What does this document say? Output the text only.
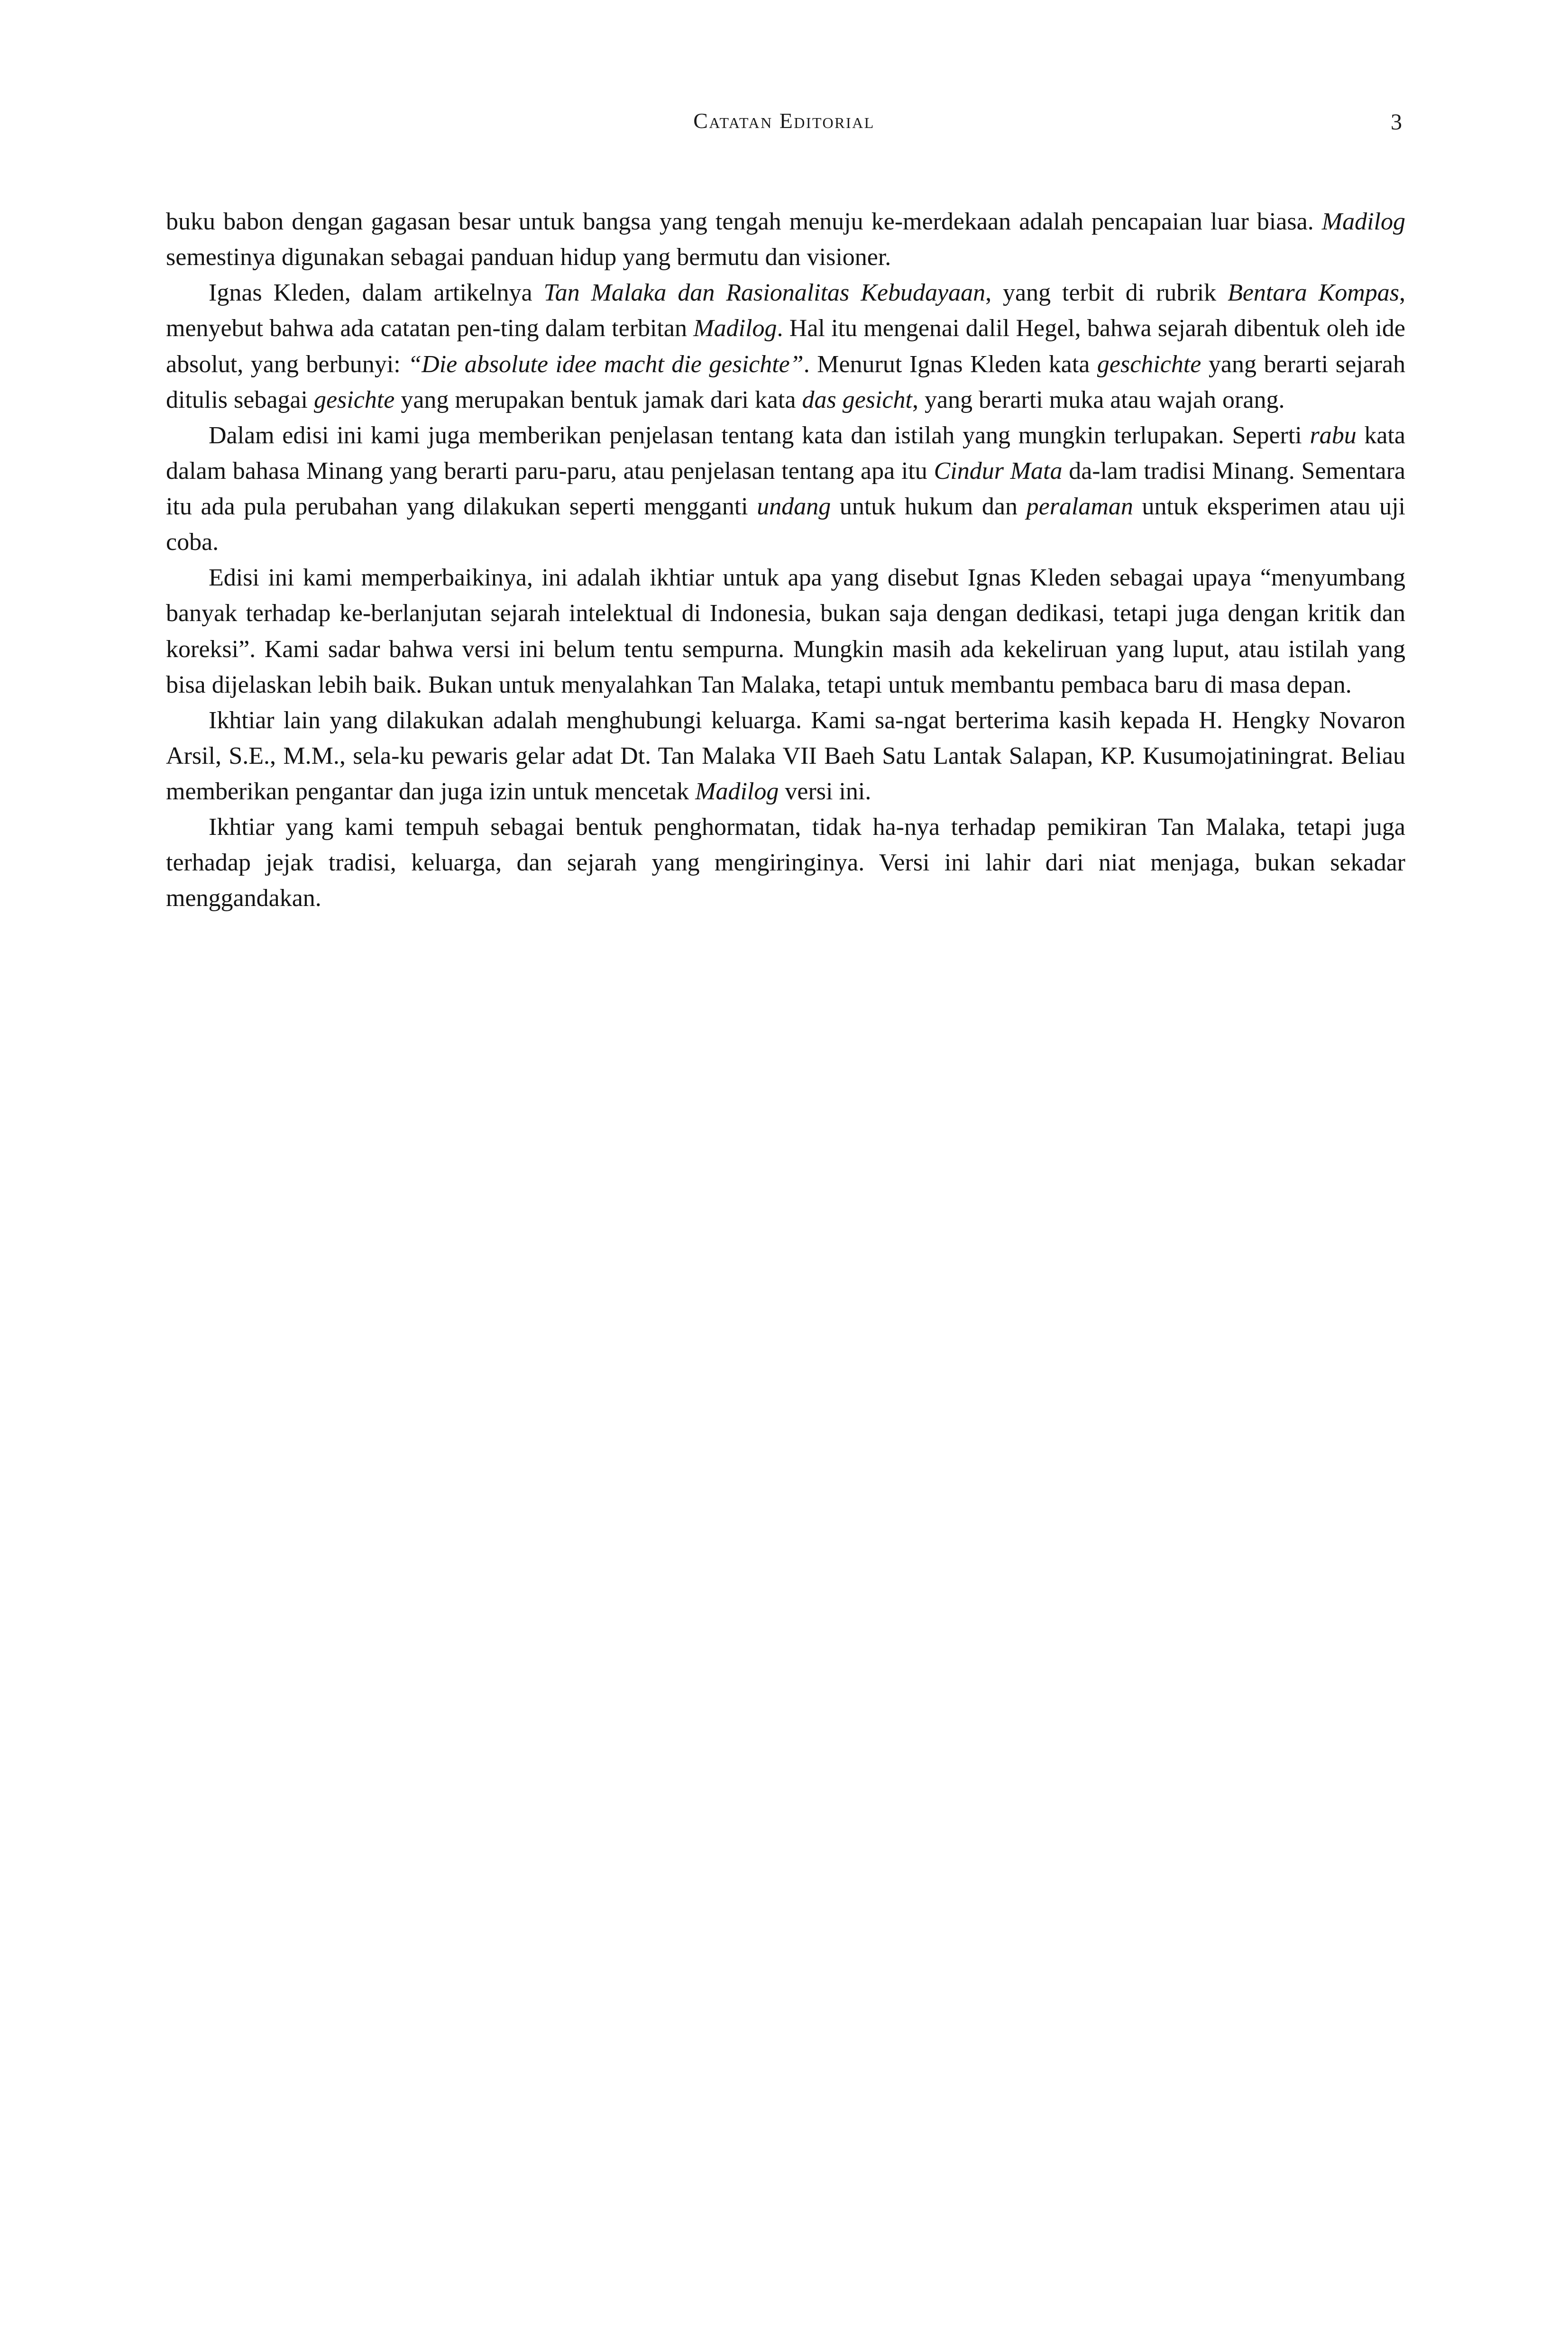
Catatan Editorial	3

buku babon dengan gagasan besar untuk bangsa yang tengah menuju ke-merdekaan adalah pencapaian luar biasa. Madilog semestinya digunakan sebagai panduan hidup yang bermutu dan visioner.

Ignas Kleden, dalam artikelnya Tan Malaka dan Rasionalitas Kebudayaan, yang terbit di rubrik Bentara Kompas, menyebut bahwa ada catatan pen-ting dalam terbitan Madilog. Hal itu mengenai dalil Hegel, bahwa sejarah dibentuk oleh ide absolut, yang berbunyi: “Die absolute idee macht die gesichte”. Menurut Ignas Kleden kata geschichte yang berarti sejarah ditulis sebagai gesichte yang merupakan bentuk jamak dari kata das gesicht, yang berarti muka atau wajah orang.

Dalam edisi ini kami juga memberikan penjelasan tentang kata dan istilah yang mungkin terlupakan. Seperti rabu kata dalam bahasa Minang yang berarti paru-paru, atau penjelasan tentang apa itu Cindur Mata da-lam tradisi Minang. Sementara itu ada pula perubahan yang dilakukan seperti mengganti undang untuk hukum dan peralaman untuk eksperimen atau uji coba.

Edisi ini kami memperbaikinya, ini adalah ikhtiar untuk apa yang disebut Ignas Kleden sebagai upaya “menyumbang banyak terhadap ke-berlanjutan sejarah intelektual di Indonesia, bukan saja dengan dedikasi, tetapi juga dengan kritik dan koreksi”. Kami sadar bahwa versi ini belum tentu sempurna. Mungkin masih ada kekeliruan yang luput, atau istilah yang bisa dijelaskan lebih baik. Bukan untuk menyalahkan Tan Malaka, tetapi untuk membantu pembaca baru di masa depan.

Ikhtiar lain yang dilakukan adalah menghubungi keluarga. Kami sa-ngat berterima kasih kepada H. Hengky Novaron Arsil, S.E., M.M., sela-ku pewaris gelar adat Dt. Tan Malaka VII Baeh Satu Lantak Salapan, KP. Kusumojatiningrat. Beliau memberikan pengantar dan juga izin untuk mencetak Madilog versi ini.

Ikhtiar yang kami tempuh sebagai bentuk penghormatan, tidak ha-nya terhadap pemikiran Tan Malaka, tetapi juga terhadap jejak tradisi, keluarga, dan sejarah yang mengiringinya. Versi ini lahir dari niat menjaga, bukan sekadar menggandakan.
